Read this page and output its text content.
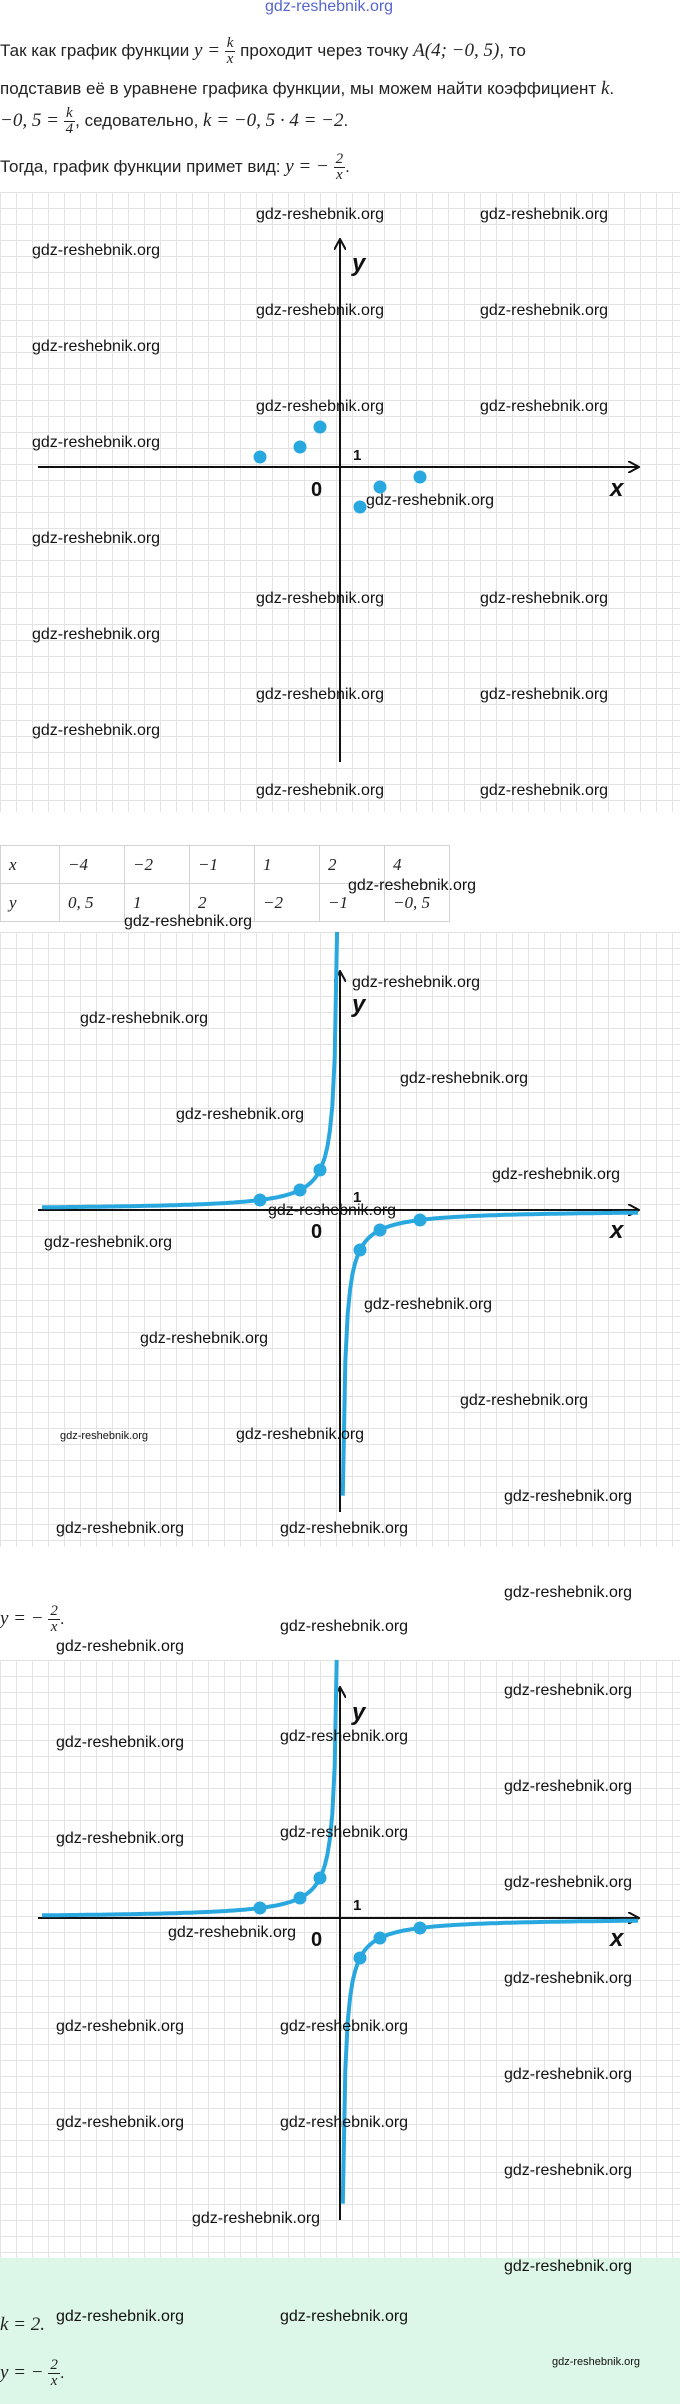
gdz-reshebnik.org
Так как график функции $y = \frac{k}{x}$ проходит через точку A(4; −0, 5), то
подставив её в уравнене графика функции, мы можем найти коэффициент k.
−0, $5 = \frac{k}{4}$ , седовательно, k = −0, 5 · 4 = −2.
Тогда, график функции примет вид: y = − $\frac{2}{x}$ .
x
y
0
1
gdz-reshebnik.org	gdz-reshebnik.org
gdz-reshebnik.org
gdz-reshebnik.org	gdz-reshebnik.org
gdz-reshebnik.org
gdz-reshebnik.org	gdz-reshebnik.org
gdz-reshebnik.org
gdz-reshebnik.org
gdz-reshebnik.org
gdz-reshebnik.org	gdz-reshebnik.org
gdz-reshebnik.org
gdz-reshebnik.org	gdz-reshebnik.org
gdz-reshebnik.org
gdz-reshebnik.org	gdz-reshebnik.org
x	−4	−2	−1	1	2	4
y	0, 5	1	2	−2	−1	−0, 5
gdz-reshebnik.org
gdz-reshebnik.org
x
y
0
1
gdz-reshebnik.org
gdz-reshebnik.org
gdz-reshebnik.org
gdz-reshebnik.org
gdz-reshebnik.org
gdz-reshebnik.org
gdz-reshebnik.org
gdz-reshebnik.org
gdz-reshebnik.org
gdz-reshebnik.org
gdz-reshebnik.org	gdz-reshebnik.org
gdz-reshebnik.org
gdz-reshebnik.org	gdz-reshebnik.org
gdz-reshebnik.org
y = − $\frac{2}{x}$ .
x
y
0
1
gdz-reshebnik.org
gdz-reshebnik.org
gdz-reshebnik.org
gdz-reshebnik.org	gdz-reshebnik.org
gdz-reshebnik.org
gdz-reshebnik.org	gdz-reshebnik.org
gdz-reshebnik.org
gdz-reshebnik.org
gdz-reshebnik.org
gdz-reshebnik.org	gdz-reshebnik.org
gdz-reshebnik.org
gdz-reshebnik.org	gdz-reshebnik.org
gdz-reshebnik.org
gdz-reshebnik.org
gdz-reshebnik.org
k = 2. gdz-reshebnik.org	gdz-reshebnik.org
y = − $\frac{2}{x}$ .
gdz-reshebnik.org
